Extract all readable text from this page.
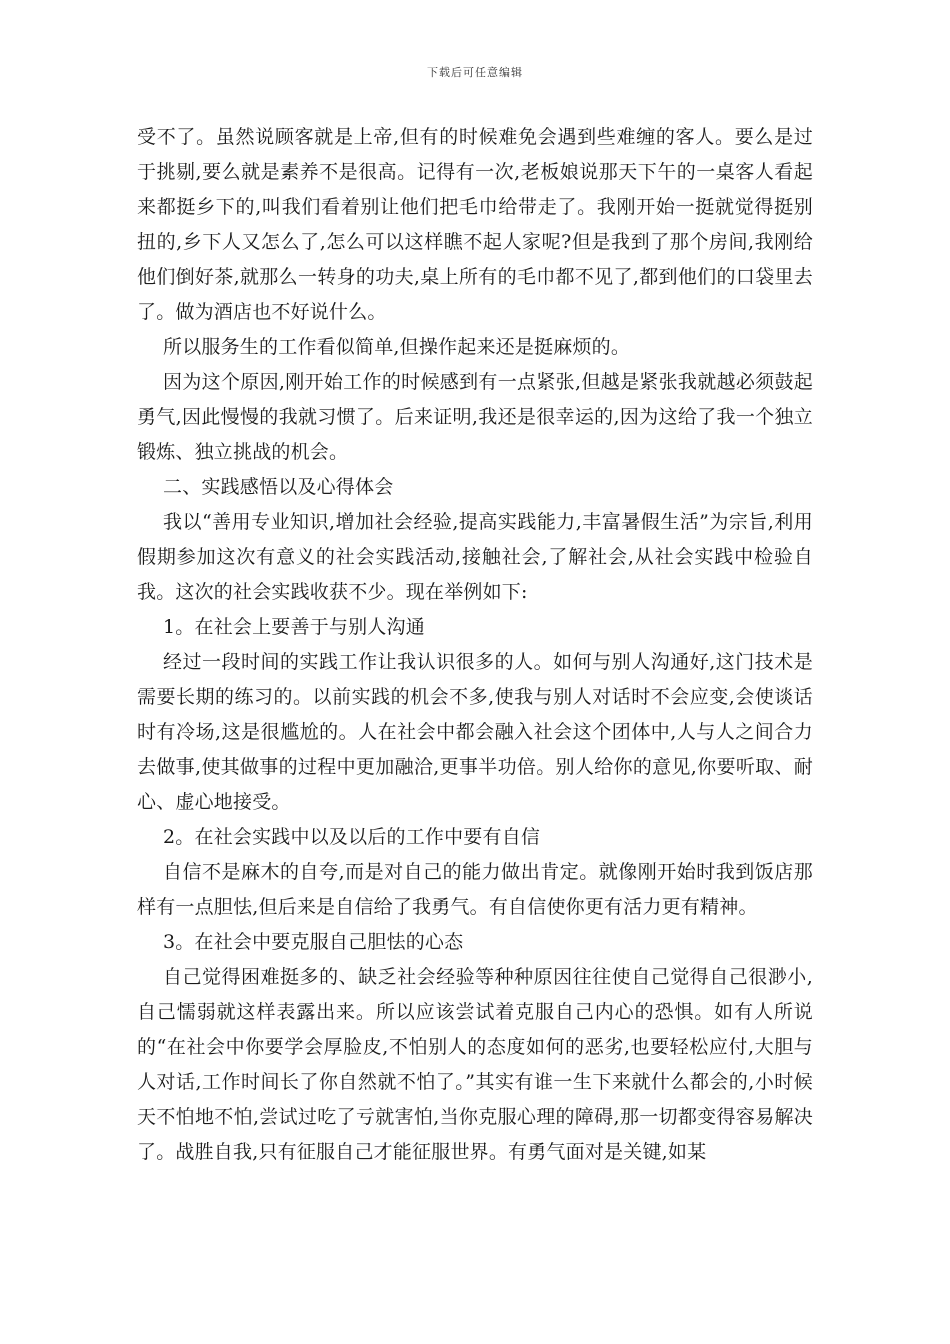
下载后可任意编辑

受不了。虽然说顾客就是上帝,但有的时候难免会遇到些难缠的客人。要么是过于挑剔,要么就是素养不是很高。记得有一次,老板娘说那天下午的一桌客人看起来都挺乡下的,叫我们看着别让他们把毛巾给带走了。我刚开始一挺就觉得挺别扭的,乡下人又怎么了,怎么可以这样瞧不起人家呢?但是我到了那个房间,我刚给他们倒好茶,就那么一转身的功夫,桌上所有的毛巾都不见了,都到他们的口袋里去了。做为酒店也不好说什么。

所以服务生的工作看似简单,但操作起来还是挺麻烦的。

因为这个原因,刚开始工作的时候感到有一点紧张,但越是紧张我就越必须鼓起勇气,因此慢慢的我就习惯了。后来证明,我还是很幸运的,因为这给了我一个独立锻炼、独立挑战的机会。

二、实践感悟以及心得体会

我以“善用专业知识,增加社会经验,提高实践能力,丰富暑假生活”为宗旨,利用假期参加这次有意义的社会实践活动,接触社会,了解社会,从社会实践中检验自我。这次的社会实践收获不少。现在举例如下:

1。在社会上要善于与别人沟通

经过一段时间的实践工作让我认识很多的人。如何与别人沟通好,这门技术是需要长期的练习的。以前实践的机会不多,使我与别人对话时不会应变,会使谈话时有冷场,这是很尴尬的。人在社会中都会融入社会这个团体中,人与人之间合力去做事,使其做事的过程中更加融洽,更事半功倍。别人给你的意见,你要听取、耐心、虚心地接受。

2。在社会实践中以及以后的工作中要有自信

自信不是麻木的自夸,而是对自己的能力做出肯定。就像刚开始时我到饭店那样有一点胆怯,但后来是自信给了我勇气。有自信使你更有活力更有精神。

3。在社会中要克服自己胆怯的心态

自己觉得困难挺多的、缺乏社会经验等种种原因往往使自己觉得自己很渺小,自己懦弱就这样表露出来。所以应该尝试着克服自己内心的恐惧。如有人所说的“在社会中你要学会厚脸皮,不怕别人的态度如何的恶劣,也要轻松应付,大胆与人对话,工作时间长了你自然就不怕了。”其实有谁一生下来就什么都会的,小时候天不怕地不怕,尝试过吃了亏就害怕,当你克服心理的障碍,那一切都变得容易解决了。战胜自我,只有征服自己才能征服世界。有勇气面对是关键,如某
